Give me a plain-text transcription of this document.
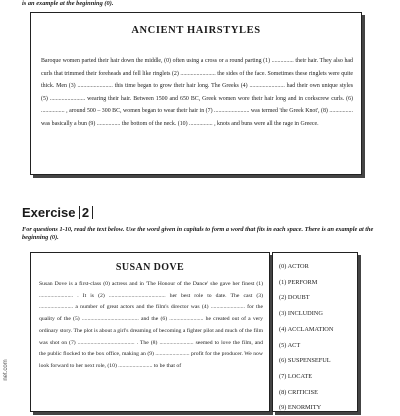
is an example at the beginning (0).
ANCIENT HAIRSTYLES
Baroque women parted their hair down the middle, (0) often using a cross or a round parting (1) ............... their hair. They also had curls that trimmed their foreheads and fell like ringlets (2) ........................ the sides of the face. Sometimes these ringlets were quite thick. Men (3) ........................ this time began to grow their hair long. The Greeks (4) ........................ had their own unique styles (5) ........................ wearing their hair. Between 1500 and 650 BC, Greek women wore their hair long and in corkscrew curls. (6) ................ , around 500 – 300 BC, women began to wear their hair in (7) ........................ was termed 'the Greek Knot', (8) ................ was basically a bun (9) ................ the bottom of the neck. (10) ................ , knots and buns were all the rage in Greece.
Exercise 2
For questions 1-10, read the text below. Use the word given in capitals to form a word that fits in each space. There is an example at the beginning (0).
SUSAN DOVE
Susan Dove is a first-class (0) actress and in 'The Honour of the Dance' she gave her finest (1) ........................ . It is (2) ........................................ her best role to date. The cast (3) ........................ a number of great actors and the film's director was (4) ........................ for the quality of the (5) ........................................ and the (6) ........................ he created out of a very ordinary story. The plot is about a girl's dreaming of becoming a fighter pilot and much of the film was shot on (7) ........................................ . The (8) ........................ seemed to love the film, and the public flocked to the box office, making an (9) ........................ profit for the producer. We now look forward to her next role, (10) ........................ to be that of
(0) ACTOR
(1) PERFORM
(2) DOUBT
(3) INCLUDING
(4) ACCLAMATION
(5) ACT
(6) SUSPENSEFUL
(7) LOCATE
(8) CRITICISE
(9) ENORMITY
net.com
